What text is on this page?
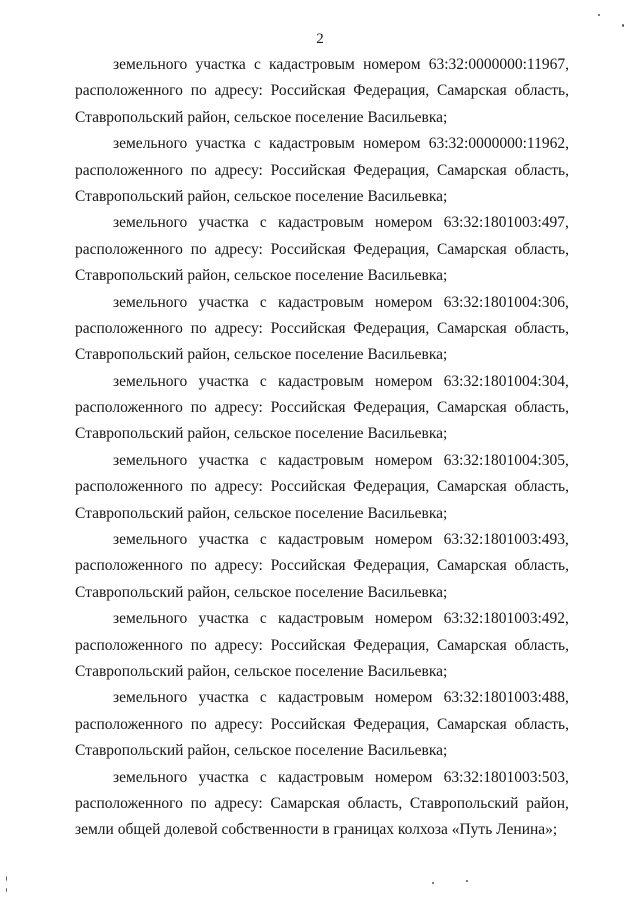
2
земельного участка с кадастровым номером 63:32:0000000:11967,
расположенного по адресу: Российская Федерация, Самарская область,
Ставропольский район, сельское поселение Васильевка;
земельного участка с кадастровым номером 63:32:0000000:11962,
расположенного по адресу: Российская Федерация, Самарская область,
Ставропольский район, сельское поселение Васильевка;
земельного участка с кадастровым номером 63:32:1801003:497,
расположенного по адресу: Российская Федерация, Самарская область,
Ставропольский район, сельское поселение Васильевка;
земельного участка с кадастровым номером 63:32:1801004:306,
расположенного по адресу: Российская Федерация, Самарская область,
Ставропольский район, сельское поселение Васильевка;
земельного участка с кадастровым номером 63:32:1801004:304,
расположенного по адресу: Российская Федерация, Самарская область,
Ставропольский район, сельское поселение Васильевка;
земельного участка с кадастровым номером 63:32:1801004:305,
расположенного по адресу: Российская Федерация, Самарская область,
Ставропольский район, сельское поселение Васильевка;
земельного участка с кадастровым номером 63:32:1801003:493,
расположенного по адресу: Российская Федерация, Самарская область,
Ставропольский район, сельское поселение Васильевка;
земельного участка с кадастровым номером 63:32:1801003:492,
расположенного по адресу: Российская Федерация, Самарская область,
Ставропольский район, сельское поселение Васильевка;
земельного участка с кадастровым номером 63:32:1801003:488,
расположенного по адресу: Российская Федерация, Самарская область,
Ставропольский район, сельское поселение Васильевка;
земельного участка с кадастровым номером 63:32:1801003:503,
расположенного по адресу: Самарская область, Ставропольский район,
земли общей долевой собственности в границах колхоза «Путь Ленина»;
